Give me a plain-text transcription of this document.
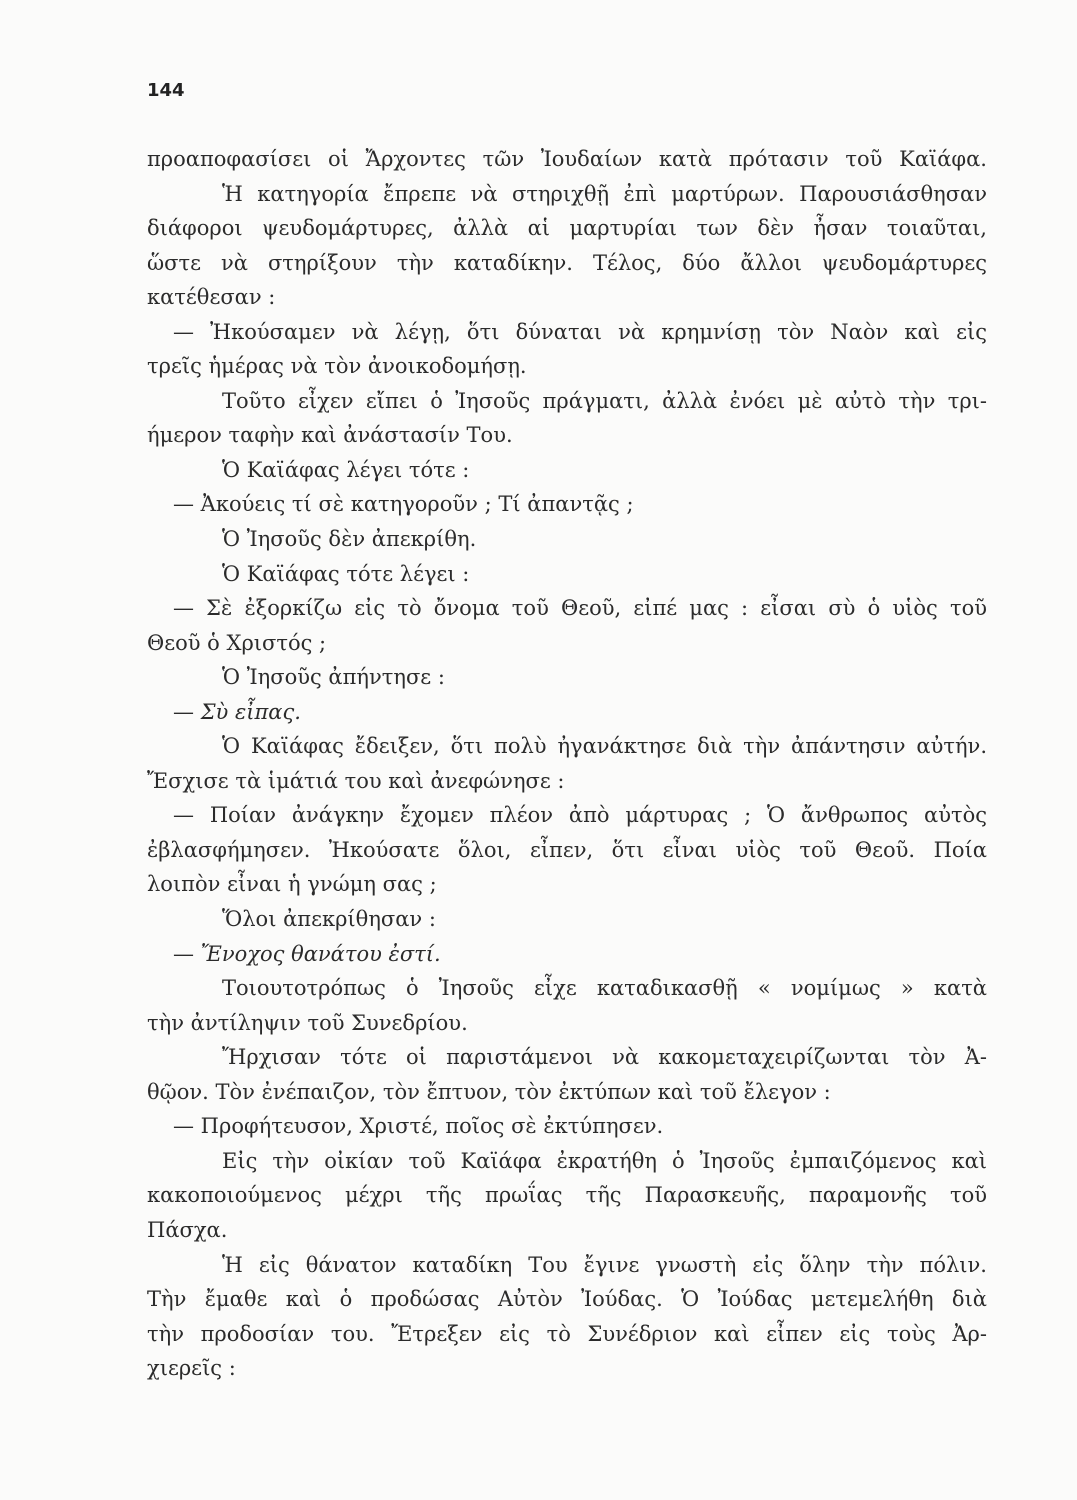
144
προαποφασίσει οἱ Ἄρχοντες τῶν Ἰουδαίων κατὰ πρότασιν τοῦ Καϊάφα.
Ἡ κατηγορία ἔπρεπε νὰ στηριχθῇ ἐπὶ μαρτύρων. Παρουσιάσθησαν
διάφοροι ψευδομάρτυρες, ἀλλὰ αἱ μαρτυρίαι των δὲν ἦσαν τοιαῦται,
ὥστε νὰ στηρίξουν τὴν καταδίκην. Τέλος, δύο ἄλλοι ψευδομάρτυρες
κατέθεσαν :
— Ἠκούσαμεν νὰ λέγῃ, ὅτι δύναται νὰ κρημνίσῃ τὸν Ναὸν καὶ εἰς
τρεῖς ἡμέρας νὰ τὸν ἀνοικοδομήσῃ.
Τοῦτο εἶχεν εἴπει ὁ Ἰησοῦς πράγματι, ἀλλὰ ἐνόει μὲ αὐτὸ τὴν τρι-
ήμερον ταφὴν καὶ ἀνάστασίν Του.
Ὁ Καϊάφας λέγει τότε :
— Ἀκούεις τί σὲ κατηγοροῦν ; Τί ἀπαντᾷς ;
Ὁ Ἰησοῦς δὲν ἀπεκρίθη.
Ὁ Καϊάφας τότε λέγει :
— Σὲ ἐξορκίζω εἰς τὸ ὄνομα τοῦ Θεοῦ, εἰπέ μας : εἶσαι σὺ ὁ υἱὸς τοῦ
Θεοῦ ὁ Χριστός ;
Ὁ Ἰησοῦς ἀπήντησε :
— Σὺ εἶπας.
Ὁ Καϊάφας ἔδειξεν, ὅτι πολὺ ἠγανάκτησε διὰ τὴν ἀπάντησιν αὐτήν.
Ἔσχισε τὰ ἱμάτιά του καὶ ἀνεφώνησε :
— Ποίαν ἀνάγκην ἔχομεν πλέον ἀπὸ μάρτυρας ; Ὁ ἄνθρωπος αὐτὸς
ἐβλασφήμησεν. Ἠκούσατε ὅλοι, εἶπεν, ὅτι εἶναι υἱὸς τοῦ Θεοῦ. Ποία
λοιπὸν εἶναι ἡ γνώμη σας ;
Ὅλοι ἀπεκρίθησαν :
— Ἔνοχος θανάτου ἐστί.
Τοιουτοτρόπως ὁ Ἰησοῦς εἶχε καταδικασθῇ « νομίμως » κατὰ
τὴν ἀντίληψιν τοῦ Συνεδρίου.
Ἤρχισαν τότε οἱ παριστάμενοι νὰ κακομεταχειρίζωνται τὸν Ἀ-
θῷον. Τὸν ἐνέπαιζον, τὸν ἔπτυον, τὸν ἐκτύπων καὶ τοῦ ἔλεγον :
— Προφήτευσον, Χριστέ, ποῖος σὲ ἐκτύπησεν.
Εἰς τὴν οἰκίαν τοῦ Καϊάφα ἐκρατήθη ὁ Ἰησοῦς ἐμπαιζόμενος καὶ
κακοποιούμενος μέχρι τῆς πρωΐας τῆς Παρασκευῆς, παραμονῆς τοῦ
Πάσχα.
Ἡ εἰς θάνατον καταδίκη Του ἔγινε γνωστὴ εἰς ὅλην τὴν πόλιν.
Τὴν ἔμαθε καὶ ὁ προδώσας Αὐτὸν Ἰούδας. Ὁ Ἰούδας μετεμελήθη διὰ
τὴν προδοσίαν του. Ἔτρεξεν εἰς τὸ Συνέδριον καὶ εἶπεν εἰς τοὺς Ἀρ-
χιερεῖς :
